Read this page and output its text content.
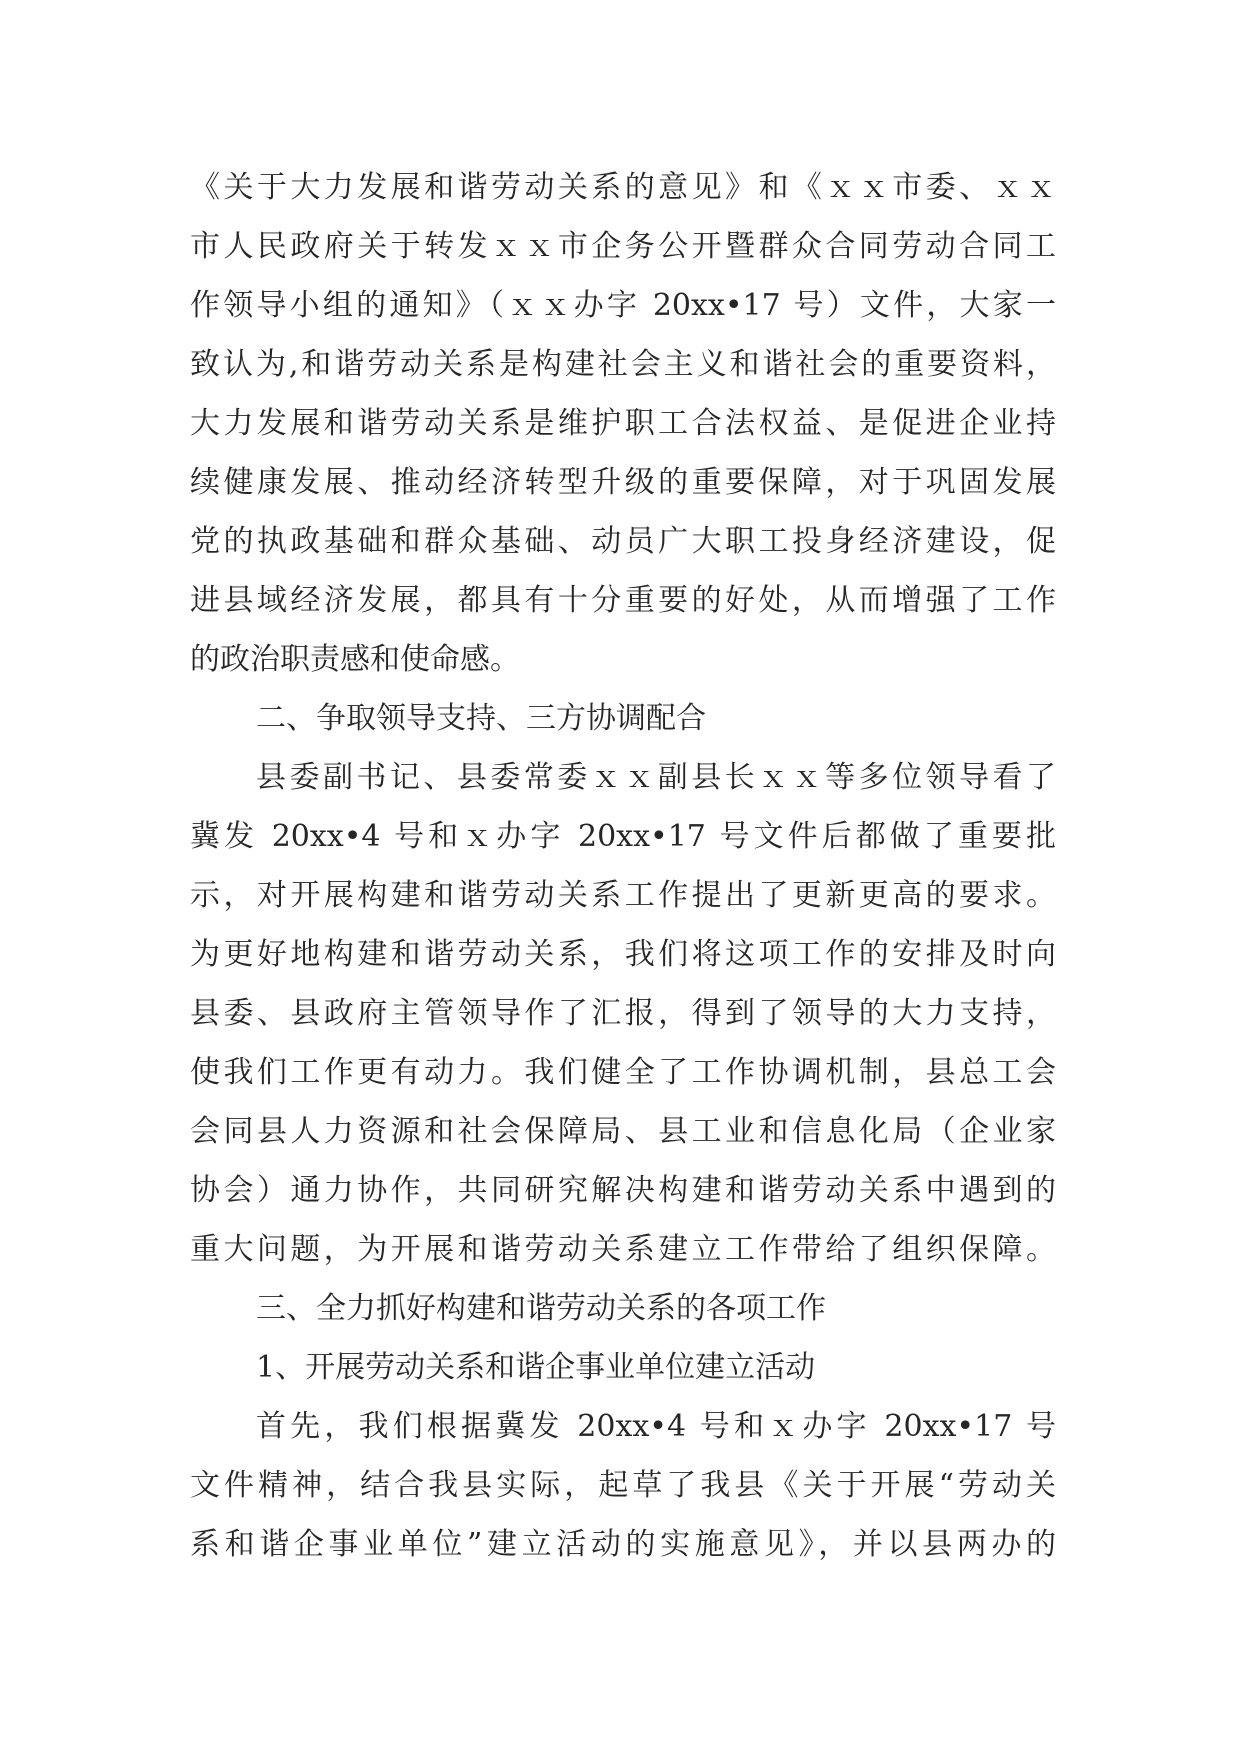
《关于大力发展和谐劳动关系的意见》和《ｘｘ市委、ｘｘ
市人民政府关于转发ｘｘ市企务公开暨群众合同劳动合同工
作领导小组的通知》（ｘｘ办字 20xx•17 号）文件，大家一
致认为,和谐劳动关系是构建社会主义和谐社会的重要资料，
大力发展和谐劳动关系是维护职工合法权益、是促进企业持
续健康发展、推动经济转型升级的重要保障，对于巩固发展
党的执政基础和群众基础、动员广大职工投身经济建设，促
进县域经济发展，都具有十分重要的好处，从而增强了工作
的政治职责感和使命感。
二、争取领导支持、三方协调配合
县委副书记、县委常委ｘｘ副县长ｘｘ等多位领导看了
冀发 20xx•4 号和ｘ办字 20xx•17 号文件后都做了重要批
示，对开展构建和谐劳动关系工作提出了更新更高的要求。
为更好地构建和谐劳动关系，我们将这项工作的安排及时向
县委、县政府主管领导作了汇报，得到了领导的大力支持，
使我们工作更有动力。我们健全了工作协调机制，县总工会
会同县人力资源和社会保障局、县工业和信息化局（企业家
协会）通力协作，共同研究解决构建和谐劳动关系中遇到的
重大问题，为开展和谐劳动关系建立工作带给了组织保障。
三、全力抓好构建和谐劳动关系的各项工作
1、开展劳动关系和谐企事业单位建立活动
首先，我们根据冀发 20xx•4 号和ｘ办字 20xx•17 号
文件精神，结合我县实际，起草了我县《关于开展“劳动关
系和谐企事业单位”建立活动的实施意见》，并以县两办的
